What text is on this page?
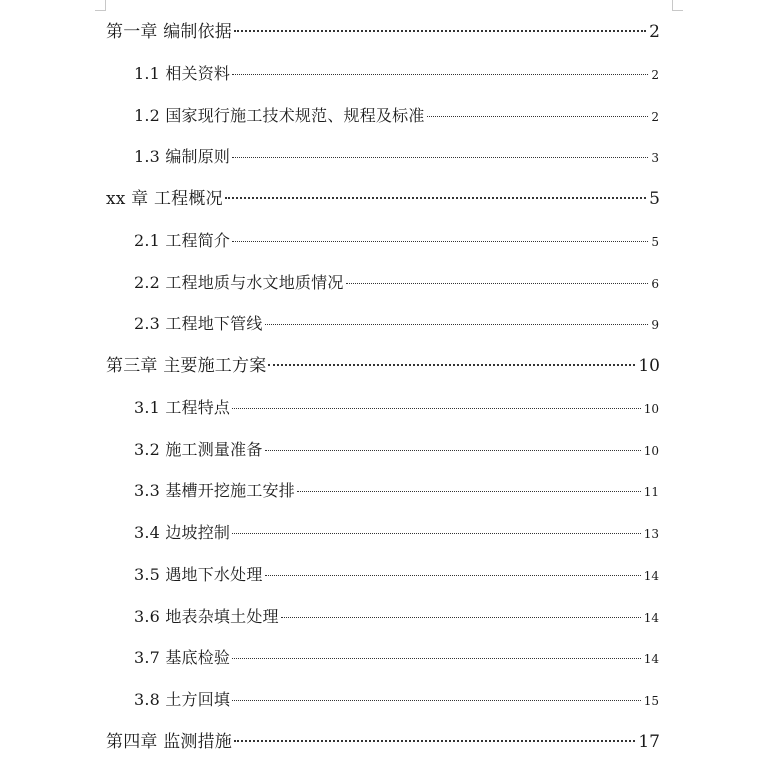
第一章 编制依据	2
1.1 相关资料	2
1.2 国家现行施工技术规范、规程及标准	2
1.3 编制原则	3
xx 章 工程概况	5
2.1 工程简介	5
2.2 工程地质与水文地质情况	6
2.3 工程地下管线	9
第三章 主要施工方案	10
3.1 工程特点	10
3.2 施工测量准备	10
3.3 基槽开挖施工安排	11
3.4 边坡控制	13
3.5 遇地下水处理	14
3.6 地表杂填土处理	14
3.7 基底检验	14
3.8 土方回填	15
第四章 监测措施	17
